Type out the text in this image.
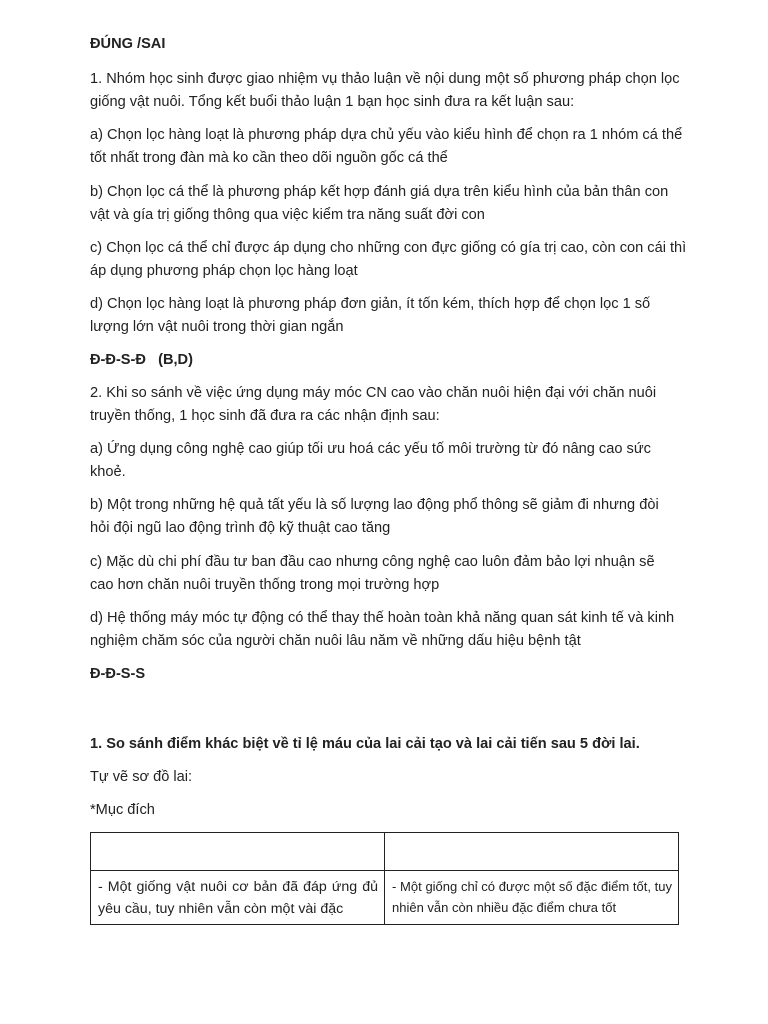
ĐÚNG /SAI

1. Nhóm học sinh được giao nhiệm vụ thảo luận về nội dung một số phương pháp chọn lọc giống vật nuôi. Tổng kết buổi thảo luận 1 bạn học sinh đưa ra kết luận sau:

a) Chọn lọc hàng loạt là phương pháp dựa chủ yếu vào kiểu hình để chọn ra 1 nhóm cá thể tốt nhất trong đàn mà ko cần theo dõi nguồn gốc cá thể

b) Chọn lọc cá thể là phương pháp kết hợp đánh giá dựa trên kiểu hình của bản thân con vật và gía trị giống thông qua việc kiểm tra năng suất đời con

c) Chọn lọc cá thể chỉ được áp dụng cho những con đực giống có gía trị cao, còn con cái thì áp dụng phương pháp chọn lọc hàng loạt

d) Chọn lọc hàng loạt là phương pháp đơn giản, ít tốn kém, thích hợp để chọn lọc 1 số lượng lớn vật nuôi trong thời gian ngắn

Đ-Đ-S-Đ   (B,D)

2. Khi so sánh về việc ứng dụng máy móc CN cao vào chăn nuôi hiện đại với chăn nuôi truyền thống, 1 học sinh đã đưa ra các nhận định sau:

a) Ứng dụng công nghệ cao giúp tối ưu hoá các yếu tố môi trường từ đó nâng cao sức khoẻ.

b) Một trong những hệ quả tất yếu là số lượng lao động phổ thông sẽ giảm đi nhưng đòi hỏi đội ngũ lao động trình độ kỹ thuật cao tăng

c) Mặc dù chi phí đầu tư ban đầu cao nhưng công nghệ cao luôn đảm bảo lợi nhuận sẽ cao hơn chăn nuôi truyền thống trong mọi trường hợp

d) Hệ thống máy móc tự động có thể thay thế hoàn toàn khả năng quan sát kinh tế và kinh nghiệm chăm sóc của người chăn nuôi lâu năm về những dấu hiệu bệnh tật

Đ-Đ-S-S

1. So sánh điểm khác biệt về tỉ lệ máu của lai cải tạo và lai cải tiến sau 5 đời lai.

Tự vẽ sơ đồ lai:

*Mục đích

- Một giống vật nuôi cơ bản đã đáp ứng đủ yêu cầu, tuy nhiên vẫn còn một vài đặc	- Một giống chỉ có được một số đặc điểm tốt, tuy nhiên vẫn còn nhiều đặc điểm chưa tốt
